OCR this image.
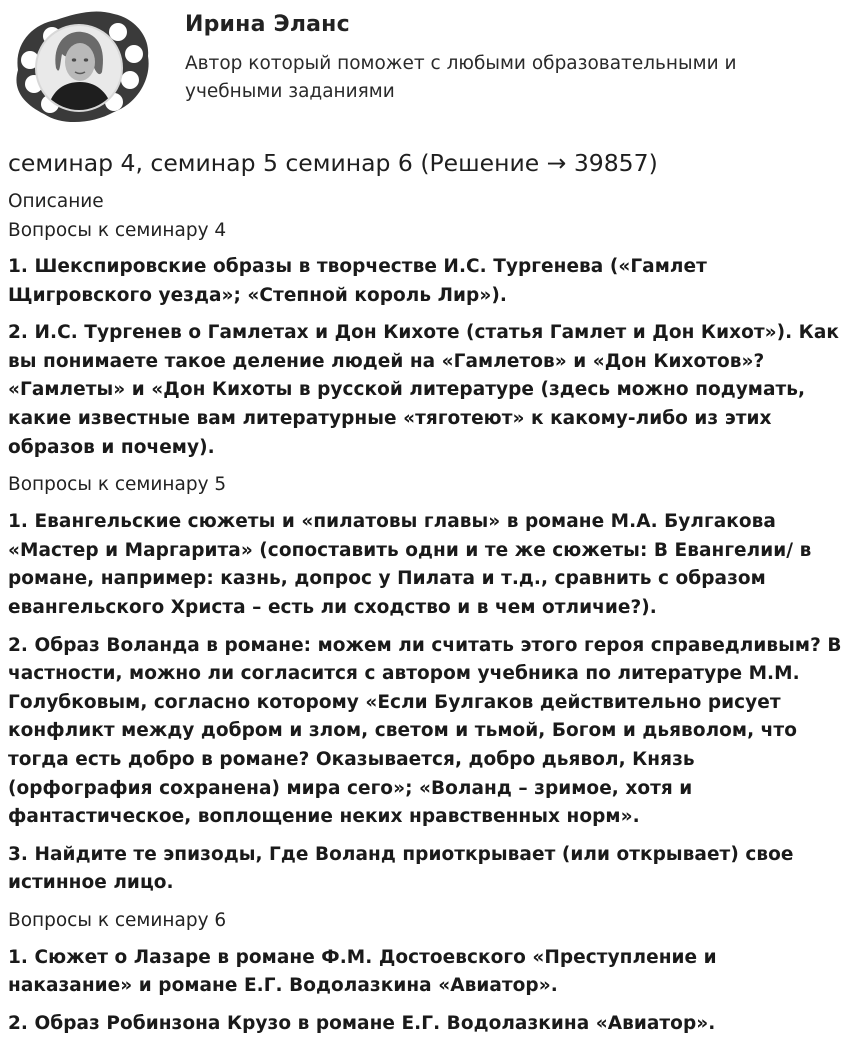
Ирина Эланс
Автор который поможет с любыми образовательными и учебными заданиями
семинар 4, семинар 5 семинар 6 (Решение → 39857)
Описание
Вопросы к семинару 4

1. Шекспировские образы в творчестве И.С. Тургенева («Гамлет Щигровского уезда»; «Степной король Лир»).

2. И.С. Тургенев о Гамлетах и Дон Кихоте (статья Гамлет и Дон Кихот»). Как вы понимаете такое деление людей на «Гамлетов» и «Дон Кихотов»? «Гамлеты» и «Дон Кихоты в русской литературе (здесь можно подумать, какие известные вам литературные «тяготеют» к какому-либо из этих образов и почему).

Вопросы к семинару 5

1. Евангельские сюжеты и «пилатовы главы» в романе М.А. Булгакова «Мастер и Маргарита» (сопоставить одни и те же сюжеты: В Евангелии/ в романе, например: казнь, допрос у Пилата и т.д., сравнить с образом евангельского Христа – есть ли сходство и в чем отличие?).

2. Образ Воланда в романе: можем ли считать этого героя справедливым? В частности, можно ли согласится с автором учебника по литературе М.М. Голубковым, согласно которому «Если Булгаков действительно рисует конфликт между добром и злом, светом и тьмой, Богом и дьяволом, что тогда есть добро в романе? Оказывается, добро дьявол, Князь (орфография сохранена) мира сего»; «Воланд – зримое, хотя и фантастическое, воплощение неких нравственных норм».

3. Найдите те эпизоды, Где Воланд приоткрывает (или открывает) свое истинное лицо.

Вопросы к семинару 6

1. Сюжет о Лазаре в романе Ф.М. Достоевского «Преступление и наказание» и романе Е.Г. Водолазкина «Авиатор».

2. Образ Робинзона Крузо в романе Е.Г. Водолазкина «Авиатор».
